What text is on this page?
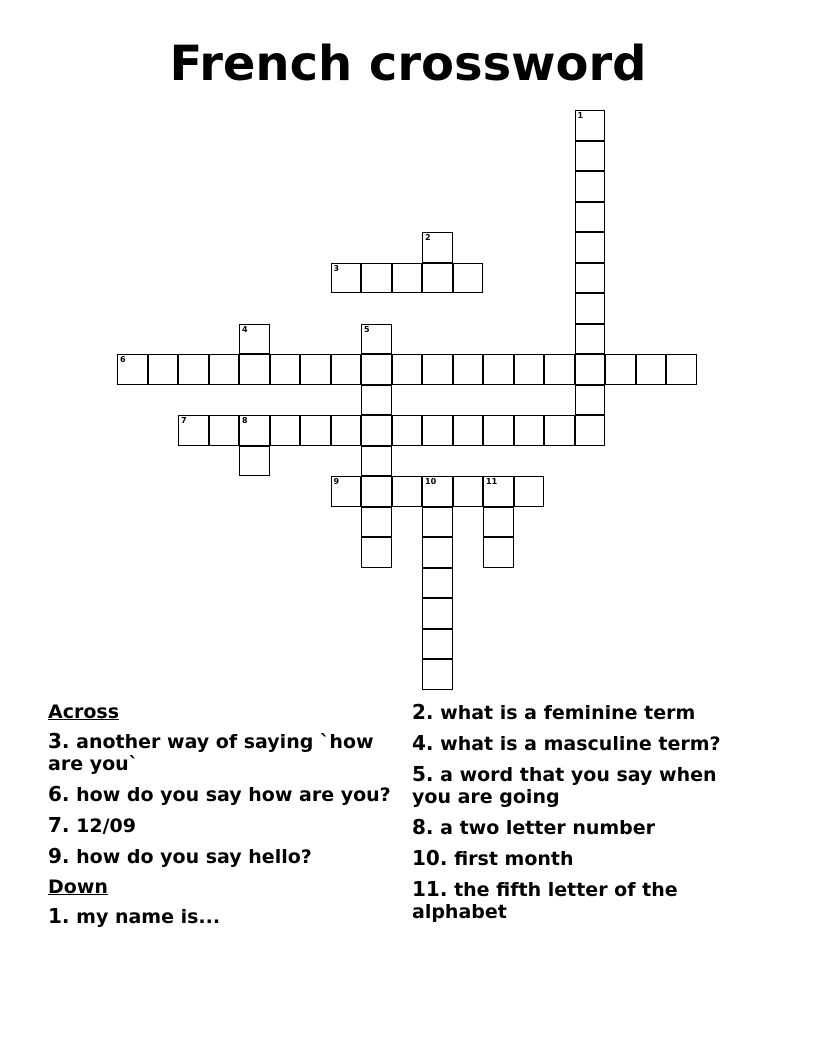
French crossword
1
2
3
4	5
6
7	8
9	10	11
Across
3. another way of saying `how are you`
6. how do you say how are you?
7. 12/09
9. how do you say hello?
Down
1. my name is...
2. what is a feminine term
4. what is a masculine term?
5. a word that you say when you are going
8. a two letter number
10. first month
11. the fifth letter of the alphabet
